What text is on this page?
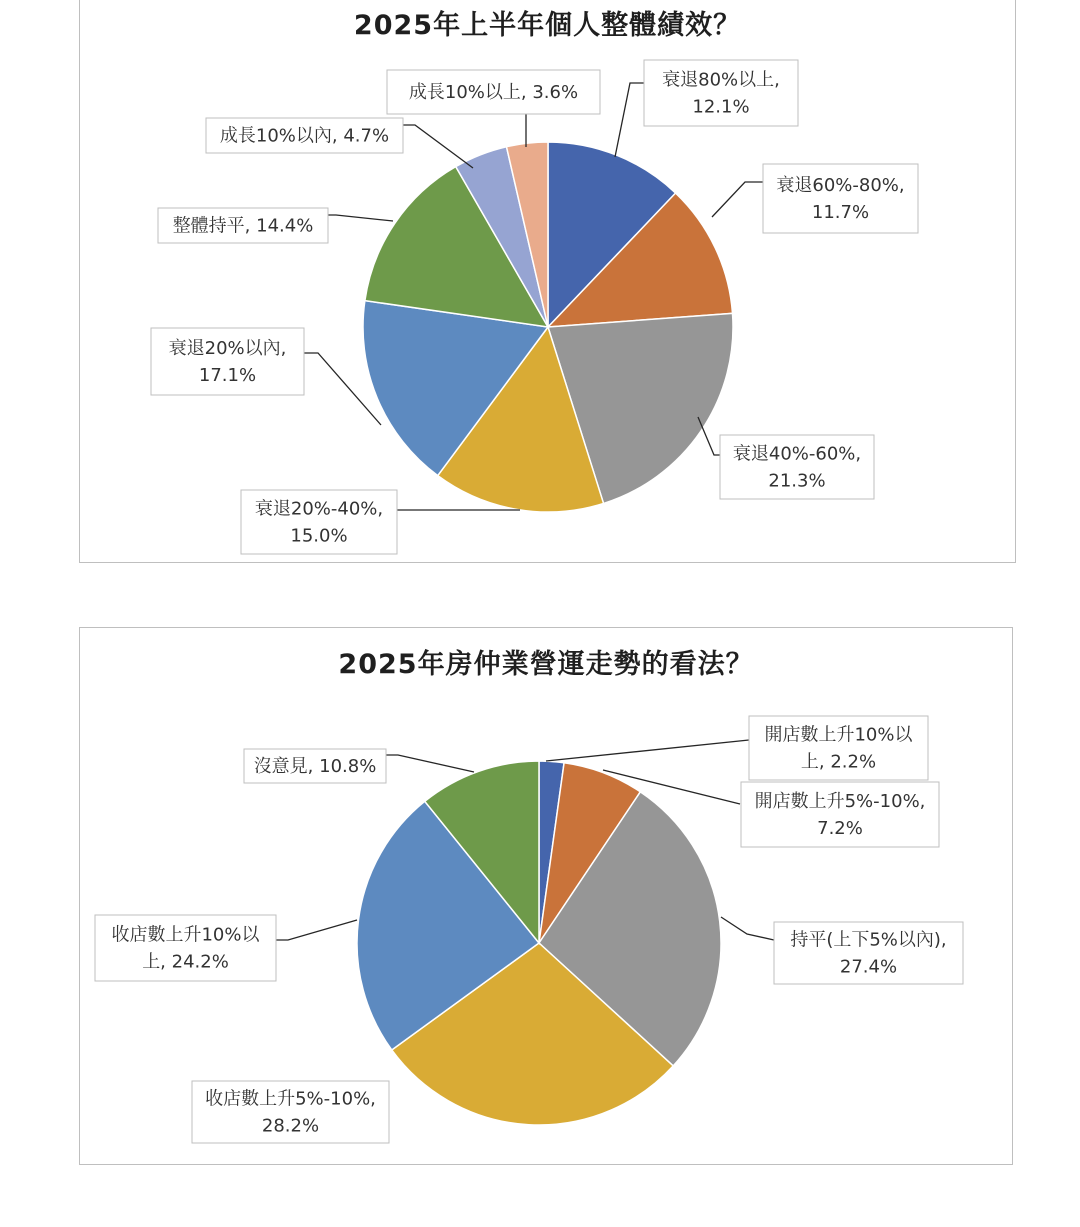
2025年上半年個人整體績效？
衰退80%以上,
12.1%
衰退60%-80%,
11.7%
衰退40%-60%,
21.3%
衰退20%-40%,
15.0%
衰退20%以內,
17.1%
整體持平, 14.4%
成長10%以內, 4.7%
成長10%以上, 3.6%
2025年房仲業營運走勢的看法？
開店數上升10%以
上, 2.2%
開店數上升5%-10%,
7.2%
持平(上下5%以內),
27.4%
收店數上升5%-10%,
28.2%
收店數上升10%以
上, 24.2%
沒意見, 10.8%
